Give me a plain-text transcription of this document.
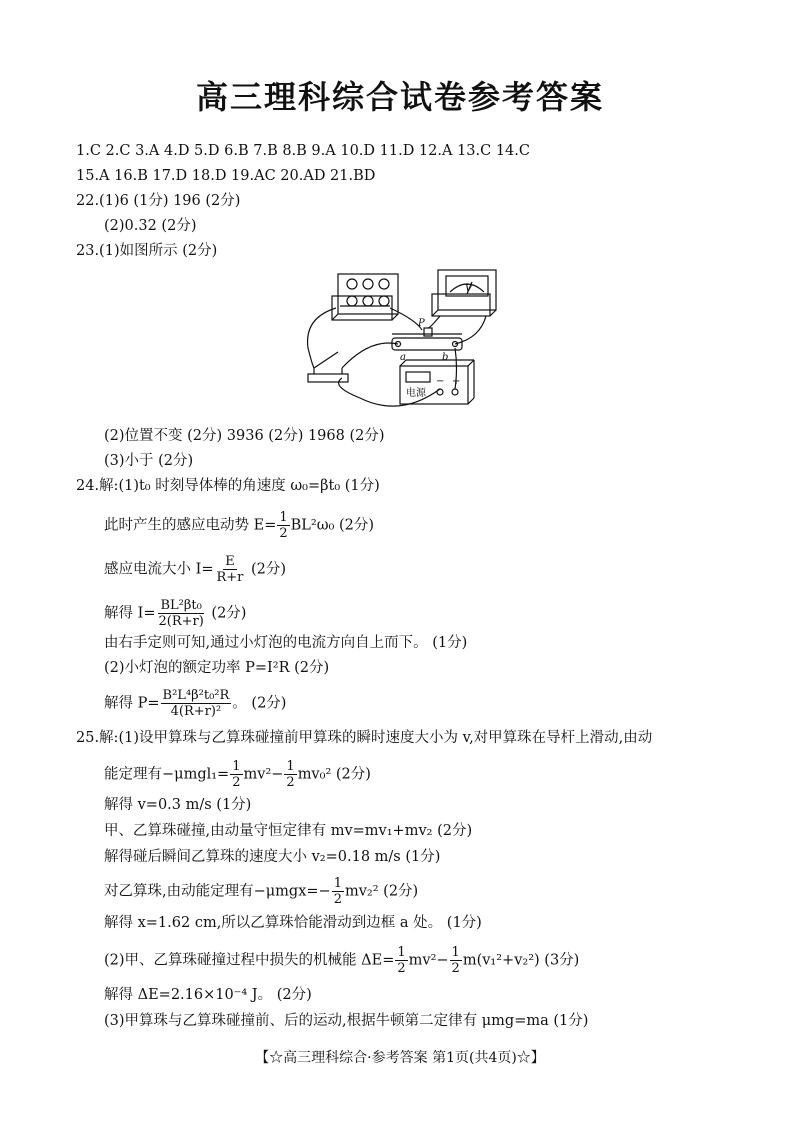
高三理科综合试卷参考答案
1.C 2.C 3.A 4.D 5.D 6.B 7.B 8.B 9.A 10.D 11.D 12.A 13.C 14.C
15.A 16.B 17.D 18.D 19.AC 20.AD 21.BD
22.(1)6 (1分) 196 (2分)
(2)0.32 (2分)
23.(1)如图所示 (2分)
V
P
a	b
电源
− +
(2)位置不变 (2分) 3936 (2分) 1968 (2分)
(3)小于 (2分)
24.解:(1)t₀ 时刻导体棒的角速度 ω₀=βt₀ (1分)
此时产生的感应电动势 $E= \frac{1}{2} BL^2\omega_0$ (2分)
感应电流大小 $I= \frac{E}{R+r} (2$分)
解得 $I= \frac{\text{BL²βt₀}}{2(R+r)} (2$分)
由右手定则可知,通过小灯泡的电流方向自上而下。 (1分)
(2)小灯泡的额定功率 P=I²R (2分)
解得 $P= \frac{\text{B²L⁴β²t₀²R}}{\text{4(R+r)²}}$ 。 (2分)
25.解:(1)设甲算珠与乙算珠碰撞前甲算珠的瞬时速度大小为 v,对甲算珠在导杆上滑动,由动
能定理有$-\mu mgl_1= \frac{1}{2} mv^2- \frac{1}{2} mv_0^2$ (2分)
解得 v=0.3 m/s (1分)
甲、乙算珠碰撞,由动量守恒定律有 mv=mv₁+mv₂ (2分)
解得碰后瞬间乙算珠的速度大小 v₂=0.18 m/s (1分)
对乙算珠,由动能定理有$-\mu mgx=- \frac{1}{2} mv_2^2$ (2分)
解得 x=1.62 cm,所以乙算珠恰能滑动到边框 a 处。 (1分)
(2)甲、乙算珠碰撞过程中损失的机械能 $\Delta E= \frac{1}{2} mv^2- \frac{1}{2} m(v_1^2+v_2^2)$ (3分)
解得 ΔE=2.16×10⁻⁴ J。 (2分)
(3)甲算珠与乙算珠碰撞前、后的运动,根据牛顿第二定律有 μmg=ma (1分)
【☆高三理科综合·参考答案 第1页(共4页)☆】
